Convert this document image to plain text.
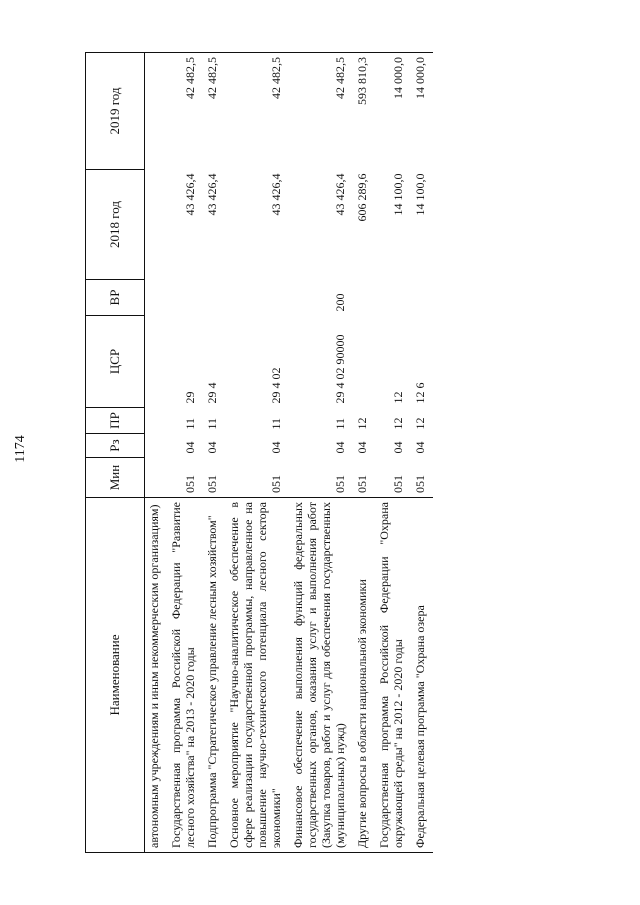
1174
Наименование	Мин	Рз	ПР	ЦСР	ВР	2018 год	2019 год
автономным учреждениям и иным некоммерческим организациям)							
Государственная программа Российской Федерации "Развитие лесного хозяйства" на 2013 - 2020 годы	051	04	11	29		43 426,4	42 482,5
Подпрограмма "Стратегическое управление лесным хозяйством"	051	04	11	29 4		43 426,4	42 482,5
Основное мероприятие "Научно-аналитическое обеспечение в сфере реализации государственной программы, направленное на повышение научно-технического потенциала лесного сектора экономики"	051	04	11	29 4 02		43 426,4	42 482,5
Финансовое обеспечение выполнения функций федеральных государственных органов, оказания услуг и выполнения работ (Закупка товаров, работ и услуг для обеспечения государственных (муниципальных) нужд)	051	04	11	29 4 02 90000	200	43 426,4	42 482,5
Другие вопросы в области национальной экономики	051	04	12			606 289,6	593 810,3
Государственная программа Российской Федерации "Охрана окружающей среды" на 2012 - 2020 годы	051	04	12	12		14 100,0	14 000,0
Федеральная целевая программа "Охрана озера	051	04	12	12 6		14 100,0	14 000,0
